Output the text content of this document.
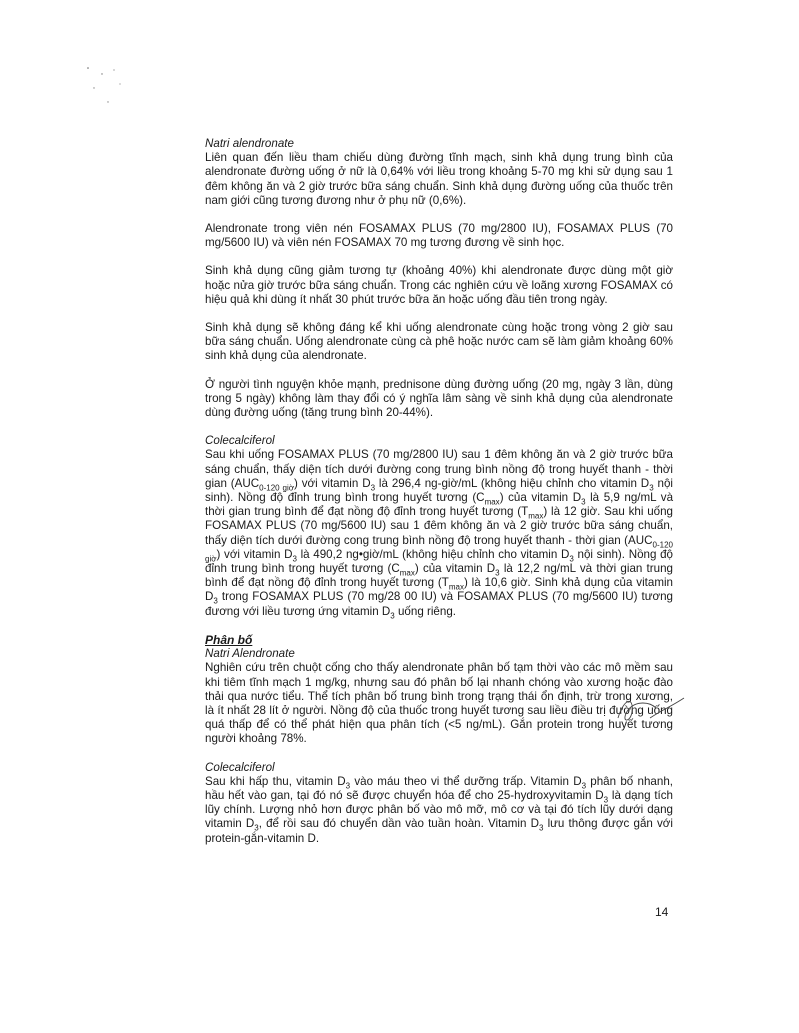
Natri alendronate

Liên quan đến liều tham chiếu dùng đường tĩnh mạch, sinh khả dụng trung bình của alendronate đường uống ở nữ là 0,64% với liều trong khoảng 5-70 mg khi sử dụng sau 1 đêm không ăn và 2 giờ trước bữa sáng chuẩn. Sinh khả dụng đường uống của thuốc trên nam giới cũng tương đương như ở phụ nữ (0,6%).

Alendronate trong viên nén FOSAMAX PLUS (70 mg/2800 IU), FOSAMAX PLUS (70 mg/5600 IU) và viên nén FOSAMAX 70 mg tương đương về sinh học.

Sinh khả dụng cũng giảm tương tự (khoảng 40%) khi alendronate được dùng một giờ hoặc nửa giờ trước bữa sáng chuẩn. Trong các nghiên cứu về loãng xương FOSAMAX có hiệu quả khi dùng ít nhất 30 phút trước bữa ăn hoặc uống đầu tiên trong ngày.

Sinh khả dụng sẽ không đáng kể khi uống alendronate cùng hoặc trong vòng 2 giờ sau bữa sáng chuẩn. Uống alendronate cùng cà phê hoặc nước cam sẽ làm giảm khoảng 60% sinh khả dụng của alendronate.

Ở người tình nguyện khỏe mạnh, prednisone dùng đường uống (20 mg, ngày 3 lần, dùng trong 5 ngày) không làm thay đổi có ý nghĩa lâm sàng về sinh khả dụng của alendronate dùng đường uống (tăng trung bình 20-44%).

Colecalciferol

Sau khi uống FOSAMAX PLUS (70 mg/2800 IU) sau 1 đêm không ăn và 2 giờ trước bữa sáng chuẩn, thấy diện tích dưới đường cong trung bình nồng độ trong huyết thanh - thời gian $(AUC_{0-120 giờ})$ với vitamin $D_3$ là 296,4 ng-giờ/mL (không hiệu chỉnh cho vitamin $D_3$ nội sinh). Nồng độ đỉnh trung bình trong huyết tương $(C_{max})$ của vitamin $D_3$ là 5,9 ng/mL và thời gian trung bình để đạt nồng độ đỉnh trong huyết tương $(T_{max})$ là 12 giờ. Sau khi uống FOSAMAX PLUS (70 mg/5600 IU) sau 1 đêm không ăn và 2 giờ trước bữa sáng chuẩn, thấy diện tích dưới đường cong trung bình nồng độ trong huyết thanh - thời gian $(AUC_{0-120 giờ})$ với vitamin $D_3$ là 490,2 ng•giờ/mL (không hiệu chỉnh cho vitamin $D_3$ nội sinh). Nồng độ đỉnh trung bình trong huyết tương $(C_{max})$ của vitamin $D_3$ là 12,2 ng/mL và thời gian trung bình để đạt nồng độ đỉnh trong huyết tương $(T_{max})$ là 10,6 giờ. Sinh khả dụng của vitamin $D_3$ trong FOSAMAX PLUS (70 mg/28 00 IU) và FOSAMAX PLUS (70 mg/5600 IU) tương đương với liều tương ứng vitamin $D_3$ uống riêng.

Phân bố

Natri Alendronate

Nghiên cứu trên chuột cống cho thấy alendronate phân bố tạm thời vào các mô mềm sau khi tiêm tĩnh mạch 1 mg/kg, nhưng sau đó phân bố lại nhanh chóng vào xương hoặc đào thải qua nước tiểu. Thể tích phân bố trung bình trong trạng thái ổn định, trừ trong xương, là ít nhất 28 lít ở người. Nồng độ của thuốc trong huyết tương sau liều điều trị đường uống quá thấp để có thể phát hiện qua phân tích (<5 ng/mL). Gắn protein trong huyết tương người khoảng 78%.

Colecalciferol

Sau khi hấp thu, vitamin $D_3$ vào máu theo vi thể dưỡng trấp. Vitamin $D_3$ phân bố nhanh, hầu hết vào gan, tại đó nó sẽ được chuyển hóa để cho 25-hydroxyvitamin $D_3$ là dạng tích lũy chính. Lượng nhỏ hơn được phân bố vào mô mỡ, mô cơ và tại đó tích lũy dưới dạng vitamin $D_3$, để rồi sau đó chuyển dần vào tuần hoàn. Vitamin $D_3$ lưu thông được gắn với protein-gắn-vitamin D.

14
